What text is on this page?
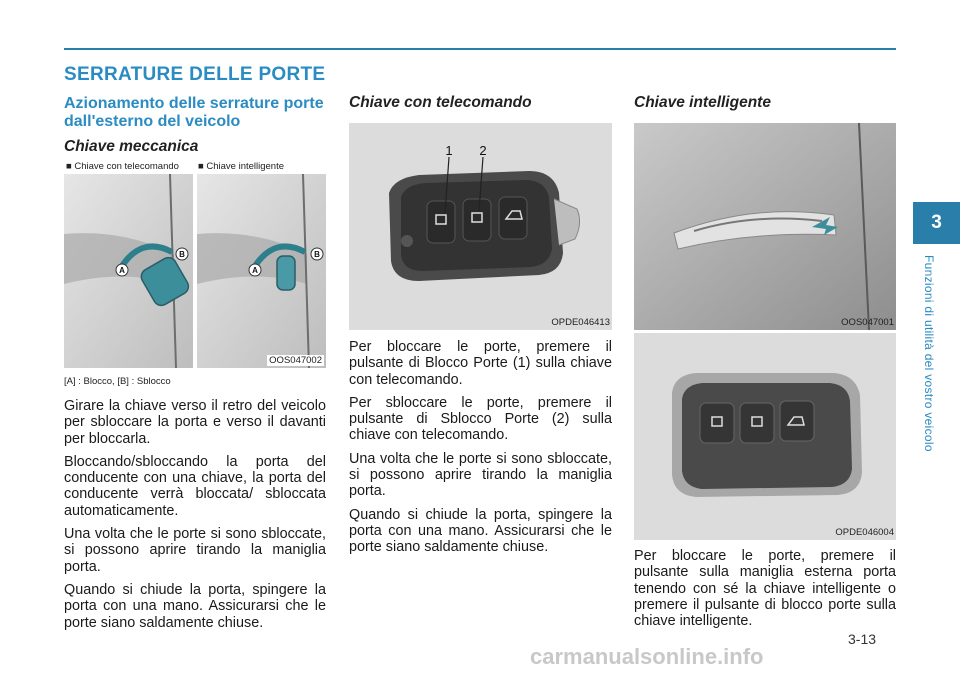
SERRATURE DELLE PORTE
Azionamento delle serrature porte dall'esterno del veicolo
Chiave meccanica
■ Chiave con telecomando ■ Chiave intelligente
A
B
A
B
OOS047002
[A] : Blocco, [B] : Sblocco

Girare la chiave verso il retro del veicolo per sbloccare la porta e verso il davanti per bloccarla.

Bloccando/sbloccando la porta del conducente con una chiave, la porta del conducente verrà bloccata/ sbloccata automaticamente.

Una volta che le porte si sono sbloccate, si possono aprire tirando la maniglia porta.

Quando si chiude la porta, spingere la porta con una mano. Assicurarsi che le porte siano saldamente chiuse.

Chiave con telecomando
1 2
OPDE046413

Per bloccare le porte, premere il pulsante di Blocco Porte (1) sulla chiave con telecomando.

Per sbloccare le porte, premere il pulsante di Sblocco Porte (2) sulla chiave con telecomando.

Una volta che le porte si sono sbloccate, si possono aprire tirando la maniglia porta.

Quando si chiude la porta, spingere la porta con una mano. Assicurarsi che le porte siano saldamente chiuse.

Chiave intelligente
OOS047001
OPDE046004

Per bloccare le porte, premere il pulsante sulla maniglia esterna porta tenendo con sé la chiave intelligente o premere il pulsante di blocco porte sulla chiave intelligente.

3
Funzioni di utilità del vostro veicolo
3-13
carmanualsonline.info
